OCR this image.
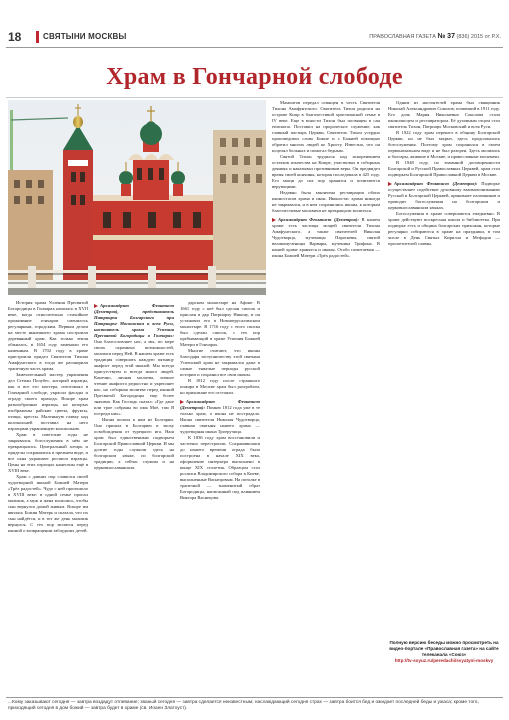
18	СВЯТЫНИ МОСКВЫ	ПРАВОСЛАВНАЯ ГАЗЕТА № 37 (836) 2015 от Р.Х.
Храм в Гончарной слободе

История храма Успения Пресвятой Богородицы в Гончарах началась в XVII веке, когда относительно стихийное проживание гончаров сменилось регулярным, городским. Первым делом на месте нынешнего храма построили деревянный храм. Как только земля обжилась, в 1654 году заменили его каменным. В 1702 году в храме пристроили придел Святителя Тихона Амафунтского в тогда же расширили трапезную часть храма.

Замечательный мастер украшения дел Степан Полубес, который изразцы, как и все его мастера, изготовлял в Гончарной слободе, украсил фасады и ограду своего прихода. Вскоре храм разнообразные изразцы, на которых изображены райские цветы, фрукты, птицы, кресты. Маленькую главку над колокольней поставил на него изразцами украшенную колокольню.

Храм в советские годы не закрывался, богослужения в нём не прекращались. Центральный алтарь и приделы сохранились в прежнем виде, и все окна украшают росписи изразцы. Цены на этих изразцах нанесены ещё в XVIII веке.

Храм с давних пор славился своей чудотворной иконой Божией Матери «Трёх радостей». Чудо с ней произошло в XVIII веке: в одной семье пропал мальчик, а муж и жена молились, чтобы сын вернулся домой живым. Вскоре им явилась Божия Матерь и сказала, что их сын найдётся, и в тот же день мальчик вернулся. С тех пор молятся перед иконой о возвращении заблудших детей.

Архимандрит Феоктист (Деметров), представитель Патриарха Болгарского при Патриархе Московском и всея Руси, настоятель храма Успения Пресвятой Богородицы в Гончарах: Она благословляет нас, а мы, по мере своих скромных возможностей, молимся перед Ней. В нашем храме есть традиция совершать каждую пятницу акафист перед этой иконой. Мы всегда присутствуем и всегда много людей. Конечно, личная молитва, личное чтение акафиста редкостно и укрепляет нас, но соборная молитва перед иконой Пресвятой Богородицы еще более значима. Как Господь сказал: «Где двое или трое собраны во имя Моё, там Я посреди них».

Икона попала к нам из Болгарии. Она пришла в Болгарию в эпоху освобождения от турецкого ига. Наш храм был единственным подворьем Болгарской Православной Церкви. И мы долгие годы служили здесь на болгарском языке, по болгарской традиции, а сейчас служим и на церковнославянском.

дарском монастыре на Афоне. В 1661 году с неё был сделан список и прислан в дар Патриарху Никону, и он установил его в Новоиерусалимском монастыре. В 1716 году с этого списка был сделан список, с тех пор пребывающий в храме Успения Божией Матери в Гончарах.

Многие считают, что иконы благодаря заступничеству этой святыни Успенский храм не закрывался даже в самые тяжелые периоды русской истории и сохранил все свои иконы.

В 1812 году после страшного пожара в Москве храм был разграблен, но прихожане его отстояли.

Архимандрит Феоктист (Деметров): Помню 1812 года уже в те только храм, а икона не пострадала. Икона святителя Николая Чудотворца, главная святыня нашего храма — чудотворная икона Троеручица.

К 1836 году храм восстановили и частично перестроили. Сохранившаяся до нашего времени ограда была построена в начале XIX века, оформление интерьера выполнено в конце XIX столетия. Образцом стал росписи Владимирского собора в Киеве, выполненные Васнецовым. На потолке в трапезной — знаменитый образ Богородицы, написанный под влиянием Виктора Васнецова.

Мамонтов передал освящен в честь Святителя Тихона Амафунтского. Святитель Тихон родился на острове Кипр в благочестивой христианской семье в IV веке. Еще в юности Тихон был посвящен в сан епископа. Поставил на пророческое служение, как главный пастырь Церкви, Святитель Тихон усердно проповедовал слово Божие и с Божией помощью обратил многих людей ко Христу. Известно, что он исцелял больных и помогал бедным.

Святой Тихон трудился над искоренением остатков язычества на Кипре, участвовал в соборных деяниях и наказывал противников веры. Он предвидел время своей кончины, которая последовала в 425 году. Его мощи до сих пор хранятся и почитаются верующими.

Недавно была закончена реставрация обоих иконостасов храма и икон. Иконостас храма никогда не закрывался, и в нем сохранились иконы, к которым благочестивые москвичи не прекращали молиться.

Архимандрит Феоктист (Деметров): В нашем храме есть частицы мощей святителя Тихона Амафунтского, а также святителей Николая Чудотворца, мученицы Параскевы, святой великомученицы Варвары, мученика Трифона. В нашей храме хранятся и иконы. Особо почитаемая — икона Божией Матери «Трёх радостей».

Одним из настоятелей храма был священник Николай Александрович Соколов, почивший в 1911 году. Его дочь Мария Николаевна Соколова стала иконописцем и реставратором. Её духовным отцом стал святитель Тихон, Патриарх Московский и всея Руси.

В 1922 году храм перешел в общину Болгарской Церкви, но не был закрыт, здесь продолжались богослужения. Поэтому храм сохранился в своем первоначальном виде и не был разорен. Здесь молились и болгары, жившие в Москве, и православные москвичи.

В 1948 году, по взаимной договоренности Болгарской и Русской Православных Церквей, храм стал подворьем Болгарской Православной Церкви в Москве.

Архимандрит Феоктист (Деметров): Подворье осуществляет содействие духовному взаимопониманию Русской и Болгарской Церквей, принимает паломников и проводит богослужения на болгарском и церковнославянском языках.

Богослужения в храме совершаются ежедневно. В храме действуют воскресная школа и библиотека. При подворье есть и община болгарских прихожан, которые регулярно собираются в храме на праздники, в том числе в День Святых Кирилла и Мефодия — просветителей славян.

Полную версию беседы можно просмотреть на видео-портале «Православная газета» на сайте телеканала «Союз»
http://tv-soyuz.ru/peredachi/svyatyni-moskvy
...Кому заказывают сегодня — завтра воздадут отпевание; званый сегодня — завтра сделается неизвестным; наслаждающий сегодня страх — завтра боится бед и ожидает последней беды и ужаса; кроме того, приходящий сегодня в дом божий — завтра будет в храме (св. Иоанн Златоуст).
